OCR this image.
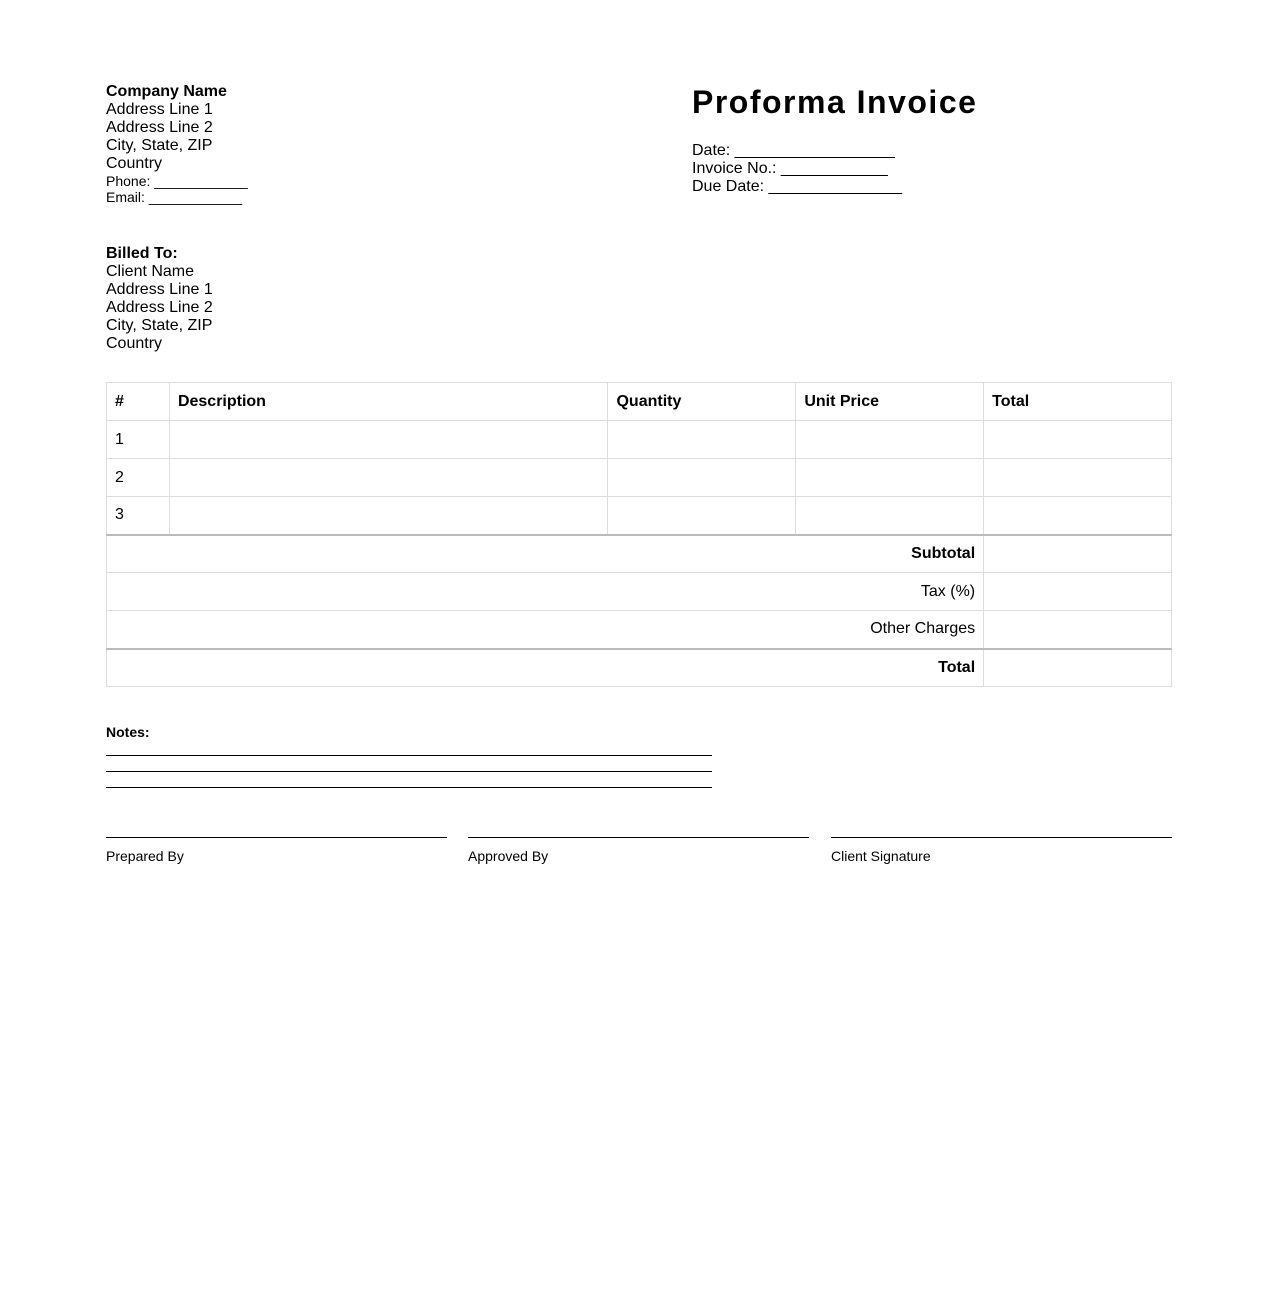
Company Name
Address Line 1
Address Line 2
City, State, ZIP
Country
Phone: ____________
Email: ____________
Proforma Invoice
Date: __________________
Invoice No.: ____________
Due Date: _______________
Billed To:
Client Name
Address Line 1
Address Line 2
City, State, ZIP
Country
#	Description	Quantity	Unit Price	Total
1				
2				
3				
Subtotal				
Tax (%)				
Other Charges				
Total				
Notes:
Prepared By	Approved By	Client Signature
